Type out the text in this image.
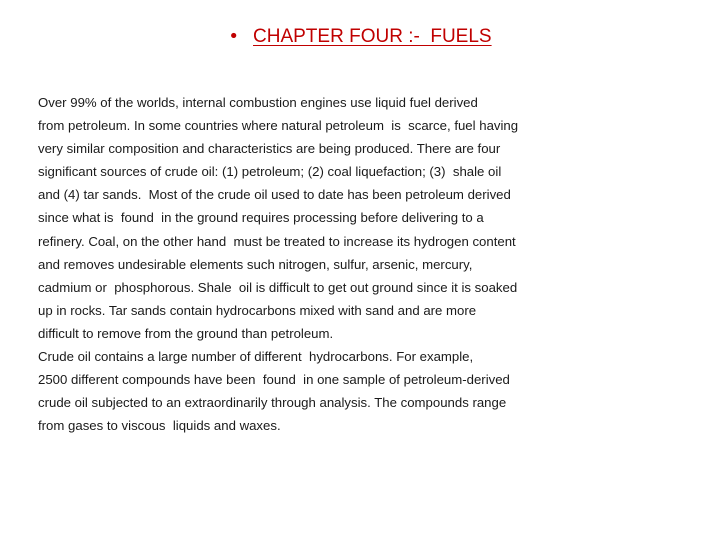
• CHAPTER FOUR :-  FUELS
Over 99% of the worlds, internal combustion engines use liquid fuel derived
from petroleum. In some countries where natural petroleum  is  scarce, fuel having
very similar composition and characteristics are being produced. There are four
significant sources of crude oil: (1) petroleum; (2) coal liquefaction; (3)  shale oil
and (4) tar sands.  Most of the crude oil used to date has been petroleum derived
since what is  found  in the ground requires processing before delivering to a
refinery. Coal, on the other hand  must be treated to increase its hydrogen content
and removes undesirable elements such nitrogen, sulfur, arsenic, mercury,
cadmium or  phosphorous. Shale  oil is difficult to get out ground since it is soaked
up in rocks. Tar sands contain hydrocarbons mixed with sand and are more
difficult to remove from the ground than petroleum.
Crude oil contains a large number of different  hydrocarbons. For example,
2500 different compounds have been  found  in one sample of petroleum-derived
crude oil subjected to an extraordinarily through analysis. The compounds range
from gases to viscous  liquids and waxes.
